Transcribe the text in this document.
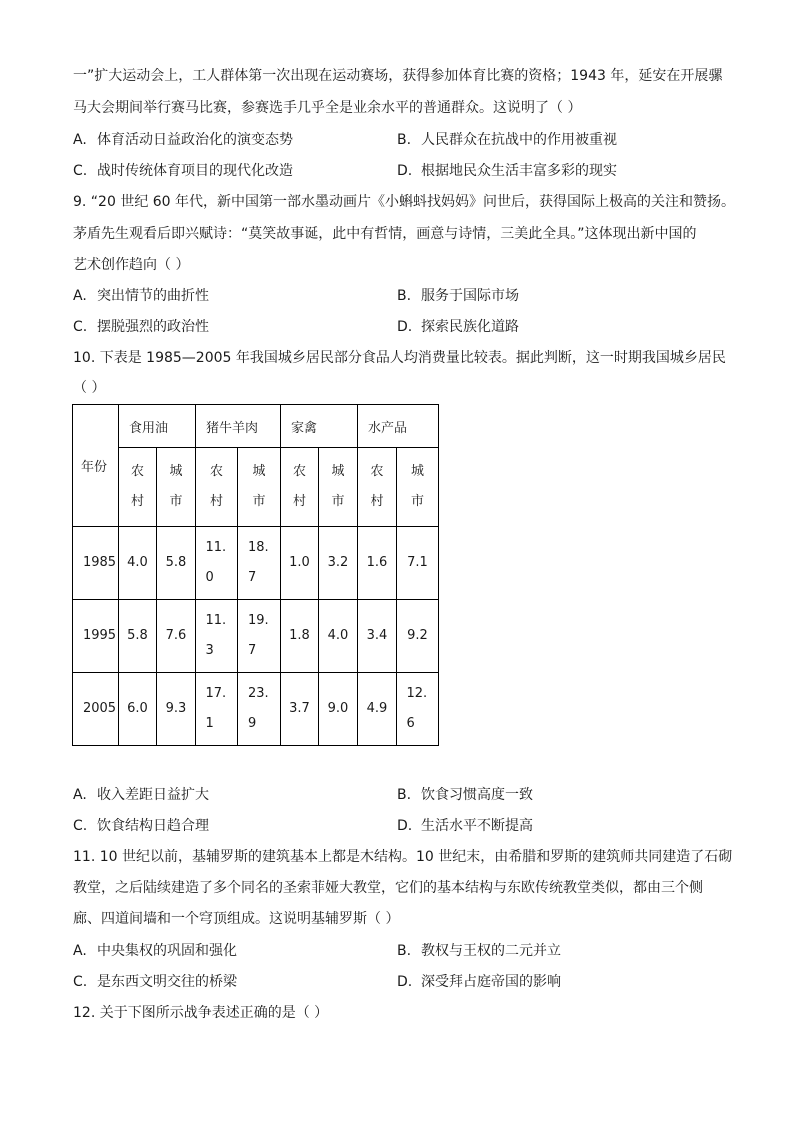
一”扩大运动会上，工人群体第一次出现在运动赛场，获得参加体育比赛的资格；1943 年，延安在开展骡
马大会期间举行赛马比赛，参赛选手几乎全是业余水平的普通群众。这说明了（ ）
A. 体育活动日益政治化的演变态势	B. 人民群众在抗战中的作用被重视
C. 战时传统体育项目的现代化改造	D. 根据地民众生活丰富多彩的现实
9. “20 世纪 60 年代，新中国第一部水墨动画片《小蝌蚪找妈妈》问世后，获得国际上极高的关注和赞扬。
茅盾先生观看后即兴赋诗：“莫笑故事诞，此中有哲情，画意与诗情，三美此全具。”这体现出新中国的
艺术创作趋向（ ）
A. 突出情节的曲折性	B. 服务于国际市场
C. 摆脱强烈的政治性	D. 探索民族化道路
10. 下表是 1985—2005 年我国城乡居民部分食品人均消费量比较表。据此判断，这一时期我国城乡居民
（ ）
年份	食用油		猪牛羊肉		家禽		水产品	
	农村	城市	农村	城市	农村	城市	农村	城市
1985	4.0	5.8	11.0	18.7	1.0	3.2	1.6	7.1
1995	5.8	7.6	11.3	19.7	1.8	4.0	3.4	9.2
2005	6.0	9.3	17.1	23.9	3.7	9.0	4.9	12.6
A. 收入差距日益扩大	B. 饮食习惯高度一致
C. 饮食结构日趋合理	D. 生活水平不断提高
11. 10 世纪以前，基辅罗斯的建筑基本上都是木结构。10 世纪末，由希腊和罗斯的建筑师共同建造了石砌
教堂，之后陆续建造了多个同名的圣索菲娅大教堂，它们的基本结构与东欧传统教堂类似，都由三个侧
廊、四道间墙和一个穹顶组成。这说明基辅罗斯（ ）
A. 中央集权的巩固和强化	B. 教权与王权的二元并立
C. 是东西文明交往的桥梁	D. 深受拜占庭帝国的影响
12. 关于下图所示战争表述正确的是（ ）
